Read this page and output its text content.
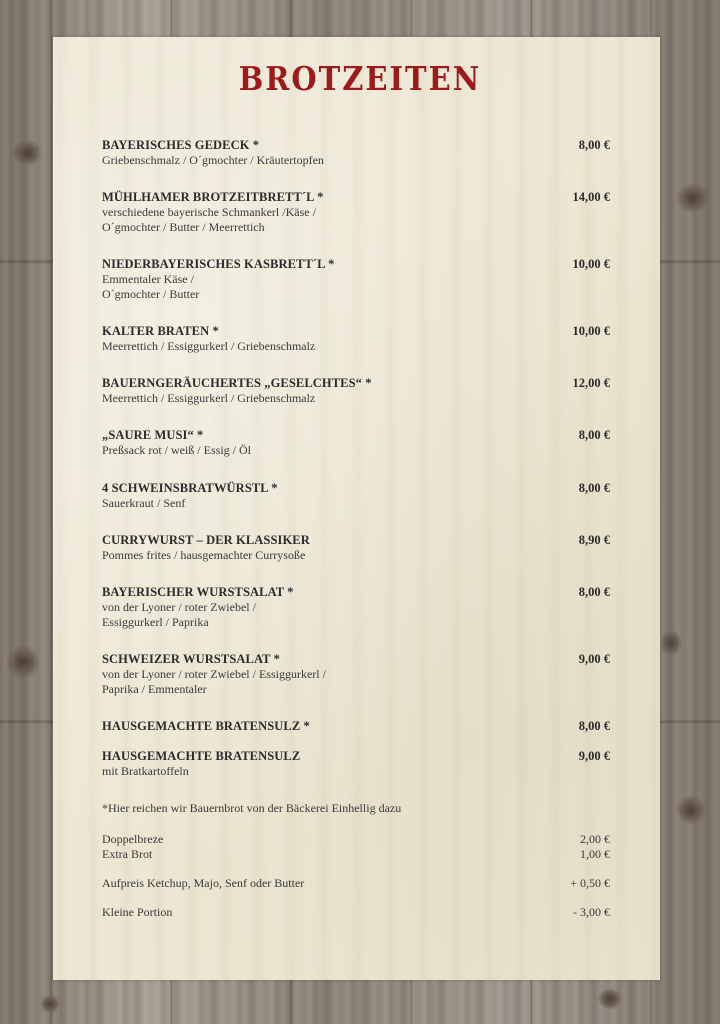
BROTZEITEN
BAYERISCHES GEDECK *	8,00 €
Griebenschmalz / O´gmochter / Kräutertopfen
MÜHLHAMER BROTZEITBRETT´L *	14,00 €
verschiedene bayerische Schmankerl /Käse /
O´gmochter / Butter / Meerrettich
NIEDERBAYERISCHES KASBRETT´L *	10,00 €
Emmentaler Käse /
O´gmochter / Butter
KALTER BRATEN *	10,00 €
Meerrettich / Essiggurkerl / Griebenschmalz
BAUERNGERÄUCHERTES „GESELCHTES“ *	12,00 €
Meerrettich / Essiggurkerl / Griebenschmalz
„SAURE MUSI“ *	8,00 €
Preßsack rot / weiß / Essig / Öl
4 SCHWEINSBRATWÜRSTL *	8,00 €
Sauerkraut / Senf
CURRYWURST – DER KLASSIKER	8,90 €
Pommes frites / hausgemachter Currysoße
BAYERISCHER WURSTSALAT *	8,00 €
von der Lyoner / roter Zwiebel /
Essiggurkerl / Paprika
SCHWEIZER WURSTSALAT *	9,00 €
von der Lyoner / roter Zwiebel / Essiggurkerl /
Paprika / Emmentaler
HAUSGEMACHTE BRATENSULZ *	8,00 €
HAUSGEMACHTE BRATENSULZ	9,00 €
mit Bratkartoffeln
*Hier reichen wir Bauernbrot von der Bäckerei Einhellig dazu
Doppelbreze	2,00 €
Extra Brot	1,00 €
Aufpreis Ketchup, Majo, Senf oder Butter	+ 0,50 €
Kleine Portion	- 3,00 €
